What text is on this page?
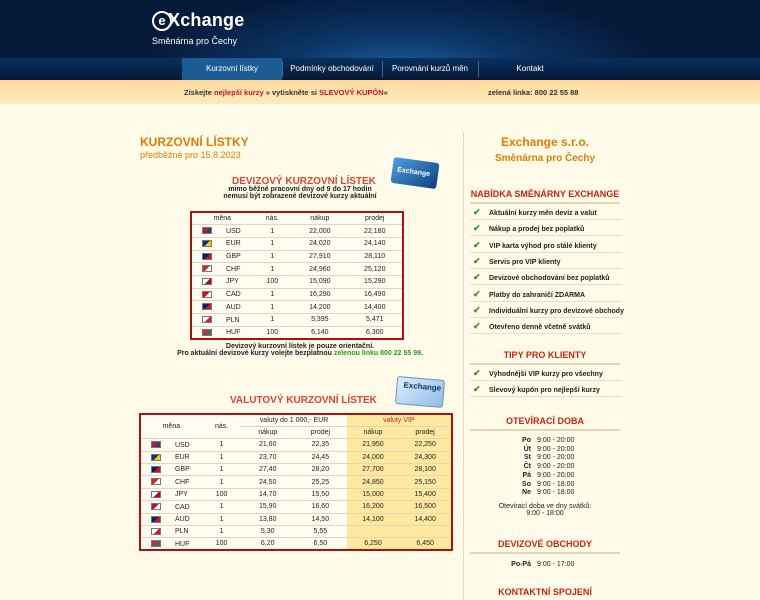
e Xchange
Směnárna pro Čechy
Kurzovní lístky	Podmínky obchodování	Porovnání kurzů měn	Kontakt
Získejte nejlepší kurzy » vytiskněte si SLEVOVÝ KUPÓN«	zelená linka: 800 22 55 88
KURZOVNÍ LÍSTKY
předběžné pro 15.8.2023
DEVIZOVÝ KURZOVNÍ LÍSTEK
Exchange
mimo běžné pracovní dny od 9 do 17 hodin
nemusí být zobrazené devizové kurzy aktuální
měna	nás.	nákup	prodej
USD	1	22,000	22,180
EUR	1	24,020	24,140
GBP	1	27,910	28,110
CHF	1	24,960	25,120
JPY	100	15,090	15,290
CAD	1	16,290	16,490
AUD	1	14,200	14,400
PLN	1	5,395	5,471
HUF	100	6,140	6,300
Devizový kurzovní lístek je pouze orientační.
Pro aktuální devizové kurzy volejte bezplatnou zelenou linku 800 22 55 99.
VALUTOVÝ KURZOVNÍ LÍSTEK
Exchange
měna	nás.	valuty do 1 000,- EUR		valuty VIP	
		nákup	prodej	nákup	prodej
USD	1	21,60	22,35	21,950	22,250
EUR	1	23,70	24,45	24,000	24,300
GBP	1	27,40	28,20	27,700	28,100
CHF	1	24,50	25,25	24,850	25,150
JPY	100	14,70	15,50	15,000	15,400
CAD	1	15,90	16,60	16,200	16,500
AUD	1	13,80	14,50	14,100	14,400
PLN	1	5,30	5,55		
HUF	100	6,20	6,50	6,250	6,450
Exchange s.r.o.
Směnárna pro Čechy
NABÍDKA SMĚNÁRNY EXCHANGE
✔ Aktuální kurzy měn deviz a valut
✔ Nákup a prodej bez poplatků
✔ VIP karta výhod pro stálé klienty
✔ Servis pro VIP klienty
✔ Devizové obchodování bez poplatků
✔ Platby do zahraničí ZDARMA
✔ Individuální kurzy pro devizové obchody
✔ Otevřeno denně včetně svátků
TIPY PRO KLIENTY
✔ Výhodnější VIP kurzy pro všechny
✔ Slevový kupón pro nejlepší kurzy
OTEVÍRACÍ DOBA
Po 9:00 - 20:00
Út 9:00 - 20:00
St 9:00 - 20:00
Čt 9:00 - 20:00
Pá 9:00 - 20:00
So 9:00 - 18:00
Ne 9:00 - 18:00
Otevírací doba ve dny svátků:
9:00 - 18:00
DEVIZOVÉ OBCHODY
Po-Pá 9:00 - 17:00
KONTAKTNÍ SPOJENÍ
